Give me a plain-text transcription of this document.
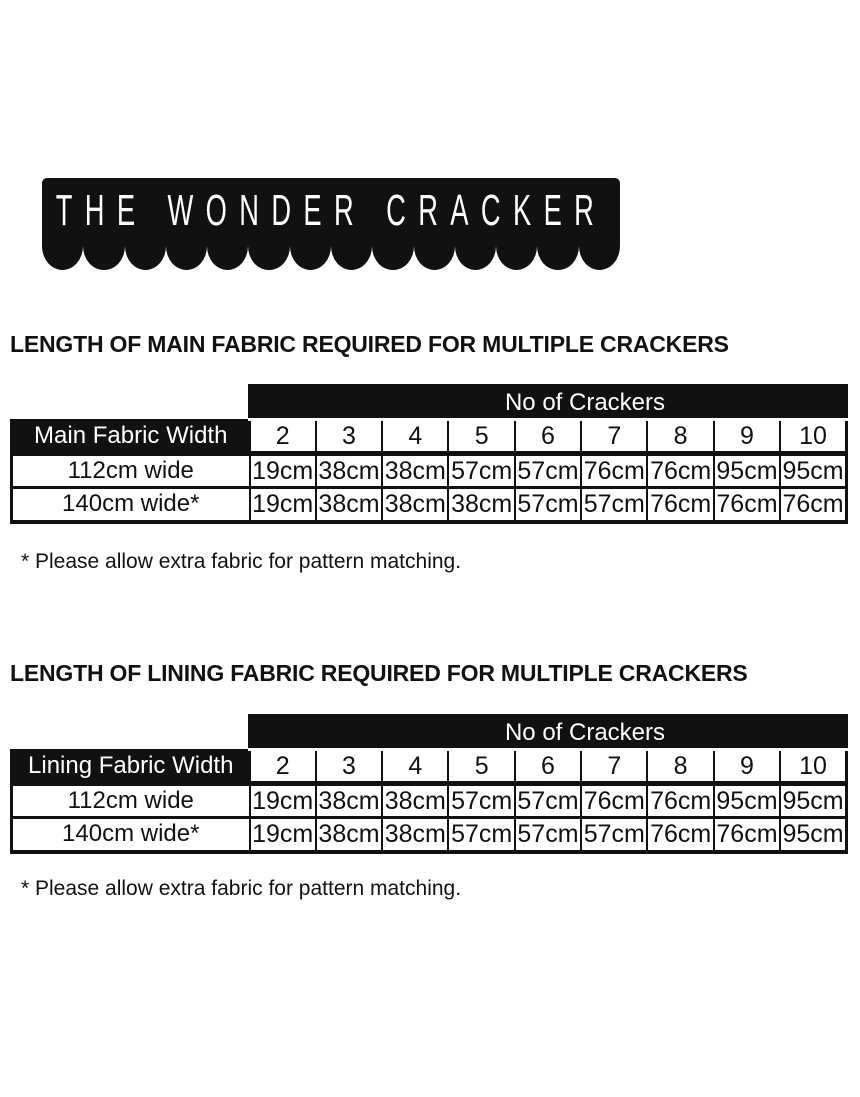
THE WONDER CRACKER
LENGTH OF MAIN FABRIC REQUIRED FOR MULTIPLE CRACKERS
	No of Crackers								
Main Fabric Width	2	3	4	5	6	7	8	9	10
112cm wide	19cm	38cm	38cm	57cm	57cm	76cm	76cm	95cm	95cm
140cm wide*	19cm	38cm	38cm	38cm	57cm	57cm	76cm	76cm	76cm

* Please allow extra fabric for pattern matching.

LENGTH OF LINING FABRIC REQUIRED FOR MULTIPLE CRACKERS
	No of Crackers								
Lining Fabric Width	2	3	4	5	6	7	8	9	10
112cm wide	19cm	38cm	38cm	57cm	57cm	76cm	76cm	95cm	95cm
140cm wide*	19cm	38cm	38cm	57cm	57cm	57cm	76cm	76cm	95cm

* Please allow extra fabric for pattern matching.
